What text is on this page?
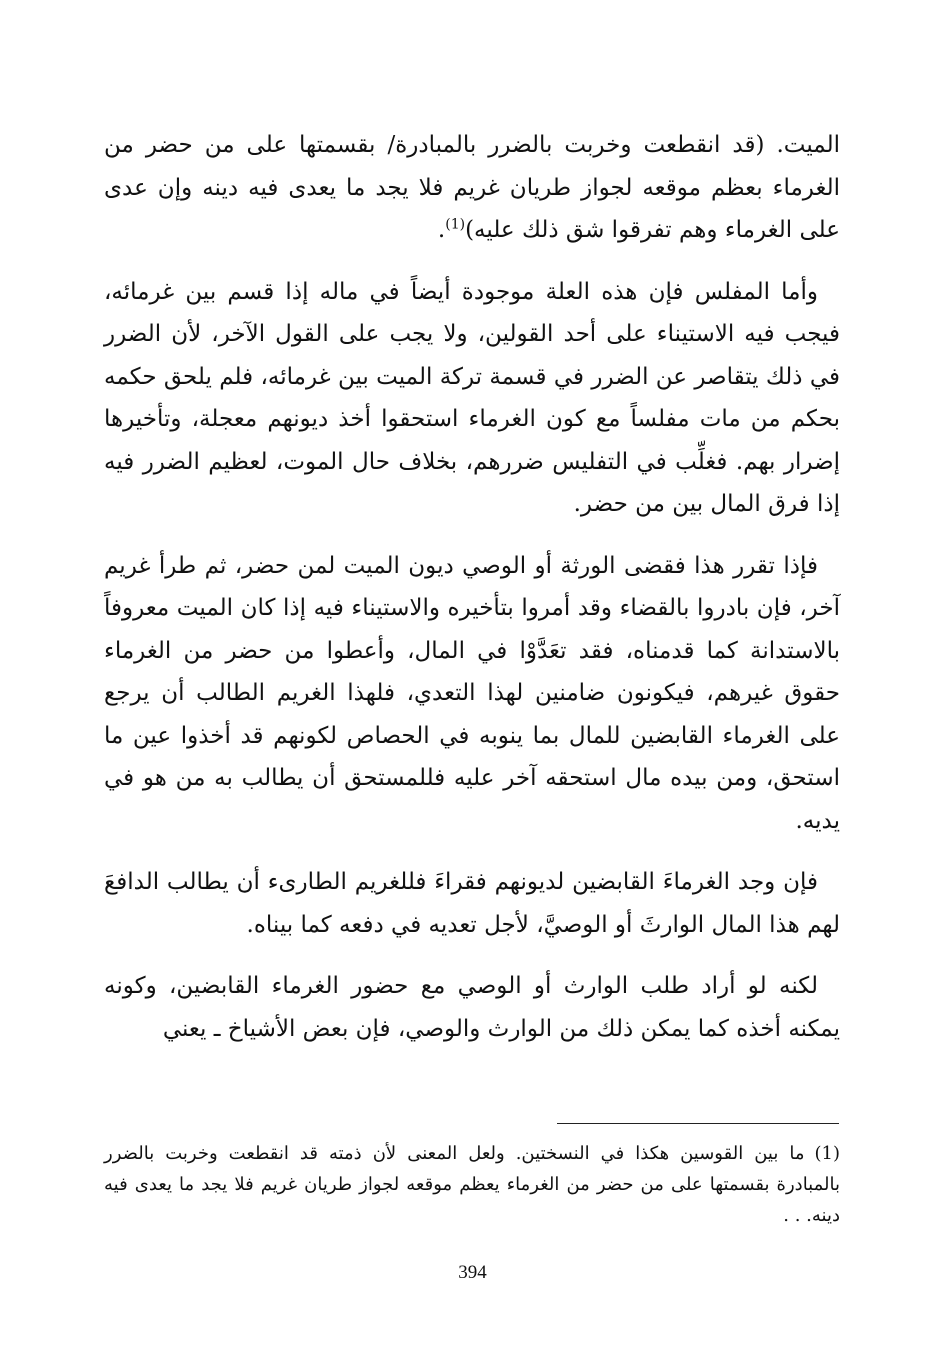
الميت. (قد انقطعت وخربت بالضرر بالمبادرة/ بقسمتها على من حضر من الغرماء بعظم موقعه لجواز طريان غريم فلا يجد ما يعدى فيه دينه وإن عدى على الغرماء وهم تفرقوا شق ذلك عليه)$^{(1)}$.

وأما المفلس فإن هذه العلة موجودة أيضاً في ماله إذا قسم بين غرمائه، فيجب فيه الاستيناء على أحد القولين، ولا يجب على القول الآخر، لأن الضرر في ذلك يتقاصر عن الضرر في قسمة تركة الميت بين غرمائه، فلم يلحق حكمه بحكم من مات مفلساً مع كون الغرماء استحقوا أخذ ديونهم معجلة، وتأخيرها إضرار بهم. فغلِّب في التفليس ضررهم، بخلاف حال الموت، لعظيم الضرر فيه إذا فرق المال بين من حضر.

فإذا تقرر هذا فقضى الورثة أو الوصي ديون الميت لمن حضر، ثم طرأ غريم آخر، فإن بادروا بالقضاء وقد أمروا بتأخيره والاستيناء فيه إذا كان الميت معروفاً بالاستدانة كما قدمناه، فقد تعَدَّوْا في المال، وأعطوا من حضر من الغرماء حقوق غيرهم، فيكونون ضامنين لهذا التعدي، فلهذا الغريم الطالب أن يرجع على الغرماء القابضين للمال بما ينوبه في الحصاص لكونهم قد أخذوا عين ما استحق، ومن بيده مال استحقه آخر عليه فللمستحق أن يطالب به من هو في يديه.

فإن وجد الغرماءَ القابضين لديونهم فقراءَ فللغريم الطارىء أن يطالب الدافعَ لهم هذا المال الوارثَ أو الوصيَّ، لأجل تعديه في دفعه كما بيناه.

لكنه لو أراد طلب الوارث أو الوصي مع حضور الغرماء القابضين، وكونه يمكنه أخذه كما يمكن ذلك من الوارث والوصي، فإن بعض الأشياخ ـ يعني

(1)ما بين القوسين هكذا في النسختين. ولعل المعنى لأن ذمته قد انقطعت وخربت بالضرر بالمبادرة بقسمتها على من حضر من الغرماء يعظم موقعه لجواز طريان غريم فلا يجد ما يعدى فيه دينه. . .
394
